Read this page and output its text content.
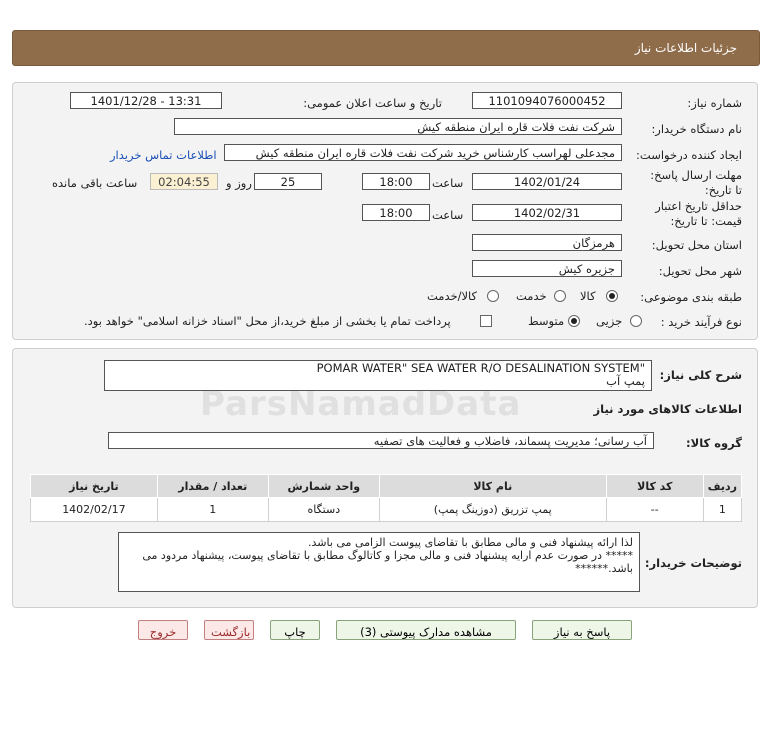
جزئیات اطلاعات نیاز
شماره نیاز:
1101094076000452
تاریخ و ساعت اعلان عمومی:
1401/12/28 - 13:31
نام دستگاه خریدار:
شرکت نفت فلات قاره ایران منطقه کیش
ایجاد کننده درخواست:
مجدعلی لهراسب کارشناس خرید شرکت نفت فلات قاره ایران منطقه کیش
اطلاعات تماس خریدار
مهلت ارسال پاسخ: تا تاریخ:
1402/01/24
ساعت
18:00
25
روز و
02:04:55
ساعت باقی مانده
حداقل تاریخ اعتبار قیمت: تا تاریخ:
1402/02/31
ساعت
18:00
استان محل تحویل:
هرمزگان
شهر محل تحویل:
جزیره کیش
طبقه بندی موضوعی:
کالا
خدمت
کالا/خدمت
نوع فرآیند خرید :
جزیی
متوسط
پرداخت تمام یا بخشی از مبلغ خرید،از محل "اسناد خزانه اسلامی" خواهد بود.
شرح کلی نیاز:
POMAR WATER" SEA WATER R/O DESALINATION SYSTEM"
پمپ آب
اطلاعات کالاهای مورد نیاز
گروه کالا:
آب رسانی؛ مدیریت پسماند، فاضلاب و فعالیت های تصفیه
ردیف	کد کالا	نام کالا	واحد شمارش	تعداد / مقدار	تاریخ نیاز
1	--	پمپ تزریق (دوزینگ پمپ)	دستگاه	1	1402/02/17
توضیحات خریدار:
لذا ارائه پیشنهاد فنی و مالی مطابق با تقاضای پیوست الزامی می باشد.
***** در صورت عدم ارایه پیشنهاد فنی و مالی مجزا و کاتالوگ مطابق با تقاضای پیوست، پیشنهاد مردود می باشد.******
پاسخ به نیاز
مشاهده مدارک پیوستی (3)
چاپ
بازگشت
خروج
